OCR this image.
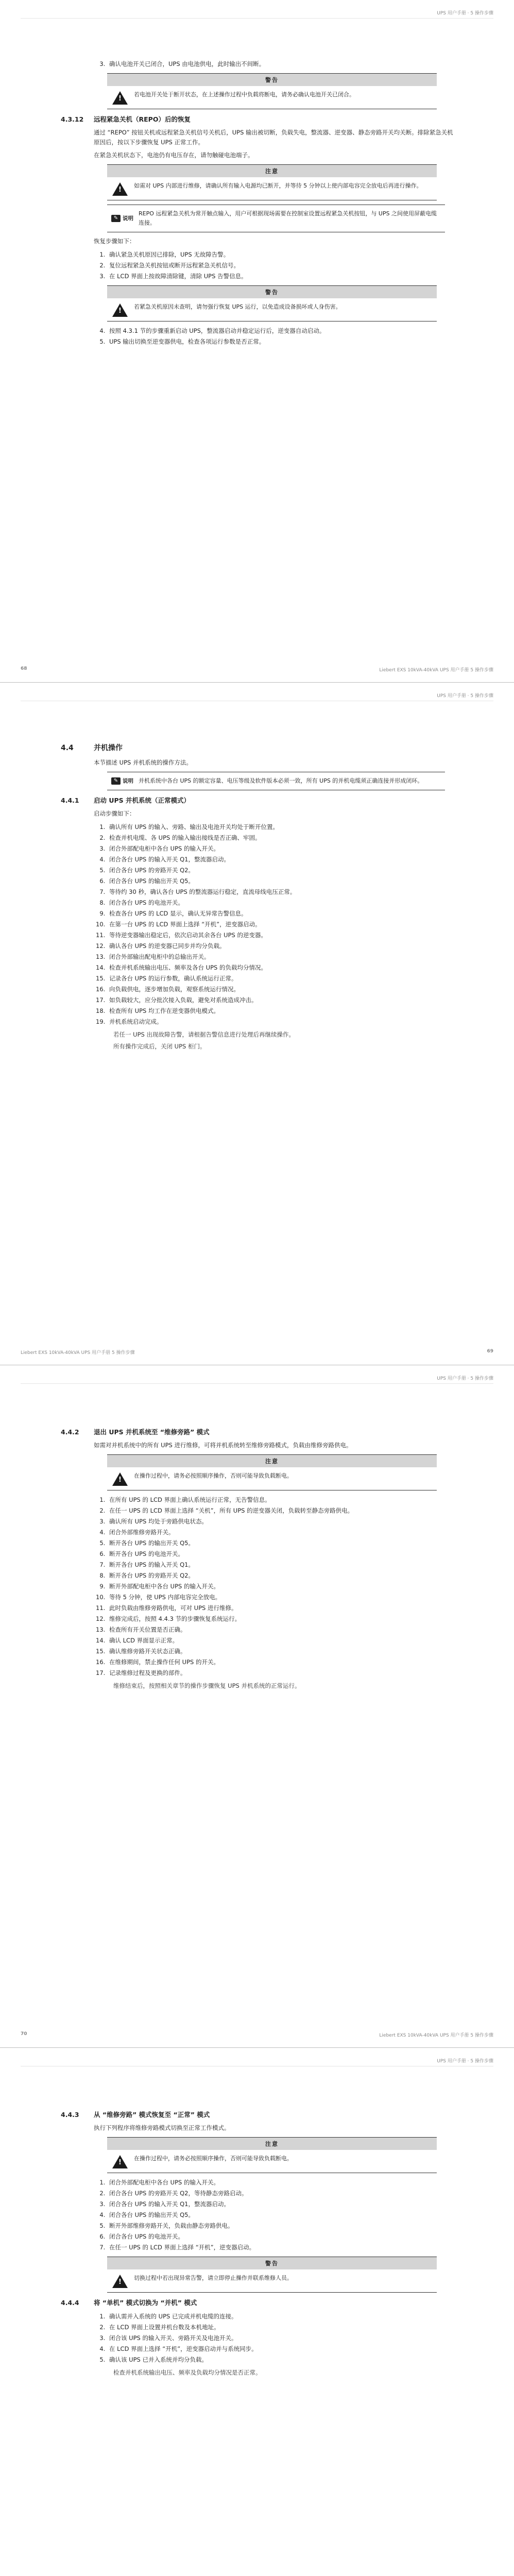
UPS 用户手册 · 5 操作步骤
3. 确认电池开关已闭合，UPS 由电池供电，此时输出不间断。
警告
!
若电池开关处于断开状态，在上述操作过程中负载将断电，请务必确认电池开关已闭合。
4.3.12 远程紧急关机（REPO）后的恢复

通过 “REPO” 按钮关机或远程紧急关机信号关机后，UPS 输出被切断，负载失电，整流器、逆变器、静态旁路开关均关断。排除紧急关机原因后，按以下步骤恢复 UPS 正常工作。

在紧急关机状态下，电池仍有电压存在，请勿触碰电池端子。

注意
!
如需对 UPS 内部进行维修，请确认所有输入电源均已断开，并等待 5 分钟以上使内部电容完全放电后再进行操作。
✎ 说明
REPO 远程紧急关机为常开触点输入，用户可根据现场需要在控制室设置远程紧急关机按钮，与 UPS 之间使用屏蔽电缆连接。

恢复步骤如下：

1. 确认紧急关机原因已排除，UPS 无故障告警。
2. 复位远程紧急关机按钮或断开远程紧急关机信号。
3. 在 LCD 界面上按故障清除键，清除 UPS 告警信息。
警告
!
若紧急关机原因未查明，请勿强行恢复 UPS 运行，以免造成设备损坏或人身伤害。
4. 按照 4.3.1 节的步骤重新启动 UPS，整流器启动并稳定运行后，逆变器自动启动。
5. UPS 输出切换至逆变器供电，检查各项运行参数是否正常。
68	Liebert EXS 10kVA-40kVA UPS 用户手册 5 操作步骤
UPS 用户手册 · 5 操作步骤
4.4	并机操作

本节描述 UPS 并机系统的操作方法。

✎ 说明 并机系统中各台 UPS 的额定容量、电压等级及软件版本必须一致，所有 UPS 的并机电缆须正确连接并形成闭环。
4.4.1 启动 UPS 并机系统（正常模式）

启动步骤如下：

1. 确认所有 UPS 的输入、旁路、输出及电池开关均处于断开位置。
2. 检查并机电缆、各 UPS 的输入输出接线是否正确、牢固。
3. 闭合外部配电柜中各台 UPS 的输入开关。
4. 闭合各台 UPS 的输入开关 Q1，整流器启动。
5. 闭合各台 UPS 的旁路开关 Q2。
6. 闭合各台 UPS 的输出开关 Q5。
7. 等待约 30 秒，确认各台 UPS 的整流器运行稳定，直流母线电压正常。
8. 闭合各台 UPS 的电池开关。
9. 检查各台 UPS 的 LCD 显示，确认无异常告警信息。
10. 在第一台 UPS 的 LCD 界面上选择 “开机”，逆变器启动。
11. 等待逆变器输出稳定后，依次启动其余各台 UPS 的逆变器。
12. 确认各台 UPS 的逆变器已同步并均分负载。
13. 闭合外部输出配电柜中的总输出开关。
14. 检查并机系统输出电压、频率及各台 UPS 的负载均分情况。
15. 记录各台 UPS 的运行参数，确认系统运行正常。
16. 向负载供电，逐步增加负载，观察系统运行情况。
17. 如负载较大，应分批次接入负载，避免对系统造成冲击。
18. 检查所有 UPS 均工作在逆变器供电模式。
19. 并机系统启动完成。

若任一 UPS 出现故障告警，请根据告警信息进行处理后再继续操作。

所有操作完成后，关闭 UPS 柜门。

Liebert EXS 10kVA-40kVA UPS 用户手册 5 操作步骤	69
UPS 用户手册 · 5 操作步骤
4.4.2 退出 UPS 并机系统至 “维修旁路” 模式

如需对并机系统中的所有 UPS 进行维修，可将并机系统转至维修旁路模式，负载由维修旁路供电。

注意
!
在操作过程中，请务必按照顺序操作，否则可能导致负载断电。
1. 在所有 UPS 的 LCD 界面上确认系统运行正常，无告警信息。
2. 在任一 UPS 的 LCD 界面上选择 “关机”，所有 UPS 的逆变器关闭，负载转至静态旁路供电。
3. 确认所有 UPS 均处于旁路供电状态。
4. 闭合外部维修旁路开关。
5. 断开各台 UPS 的输出开关 Q5。
6. 断开各台 UPS 的电池开关。
7. 断开各台 UPS 的输入开关 Q1。
8. 断开各台 UPS 的旁路开关 Q2。
9. 断开外部配电柜中各台 UPS 的输入开关。
10. 等待 5 分钟，使 UPS 内部电容完全放电。
11. 此时负载由维修旁路供电，可对 UPS 进行维修。
12. 维修完成后，按照 4.4.3 节的步骤恢复系统运行。
13. 检查所有开关位置是否正确。
14. 确认 LCD 界面显示正常。
15. 确认维修旁路开关状态正确。
16. 在维修期间，禁止操作任何 UPS 的开关。
17. 记录维修过程及更换的部件。

维修结束后，按照相关章节的操作步骤恢复 UPS 并机系统的正常运行。

70	Liebert EXS 10kVA-40kVA UPS 用户手册 5 操作步骤
UPS 用户手册 · 5 操作步骤
4.4.3 从 “维修旁路” 模式恢复至 “正常” 模式

执行下列程序将维修旁路模式切换至正常工作模式。

注意
!
在操作过程中，请务必按照顺序操作，否则可能导致负载断电。
1. 闭合外部配电柜中各台 UPS 的输入开关。
2. 闭合各台 UPS 的旁路开关 Q2，等待静态旁路启动。
3. 闭合各台 UPS 的输入开关 Q1，整流器启动。
4. 闭合各台 UPS 的输出开关 Q5。
5. 断开外部维修旁路开关，负载由静态旁路供电。
6. 闭合各台 UPS 的电池开关。
7. 在任一 UPS 的 LCD 界面上选择 “开机”，逆变器启动。
警告
!
切换过程中若出现异常告警，请立即停止操作并联系维修人员。
4.4.4 将 “单机” 模式切换为 “并机” 模式
1. 确认需并入系统的 UPS 已完成并机电缆的连接。
2. 在 LCD 界面上设置并机台数及本机地址。
3. 闭合该 UPS 的输入开关、旁路开关及电池开关。
4. 在 LCD 界面上选择 “开机”，逆变器启动并与系统同步。
5. 确认该 UPS 已并入系统并均分负载。

检查并机系统输出电压、频率及负载均分情况是否正常。
